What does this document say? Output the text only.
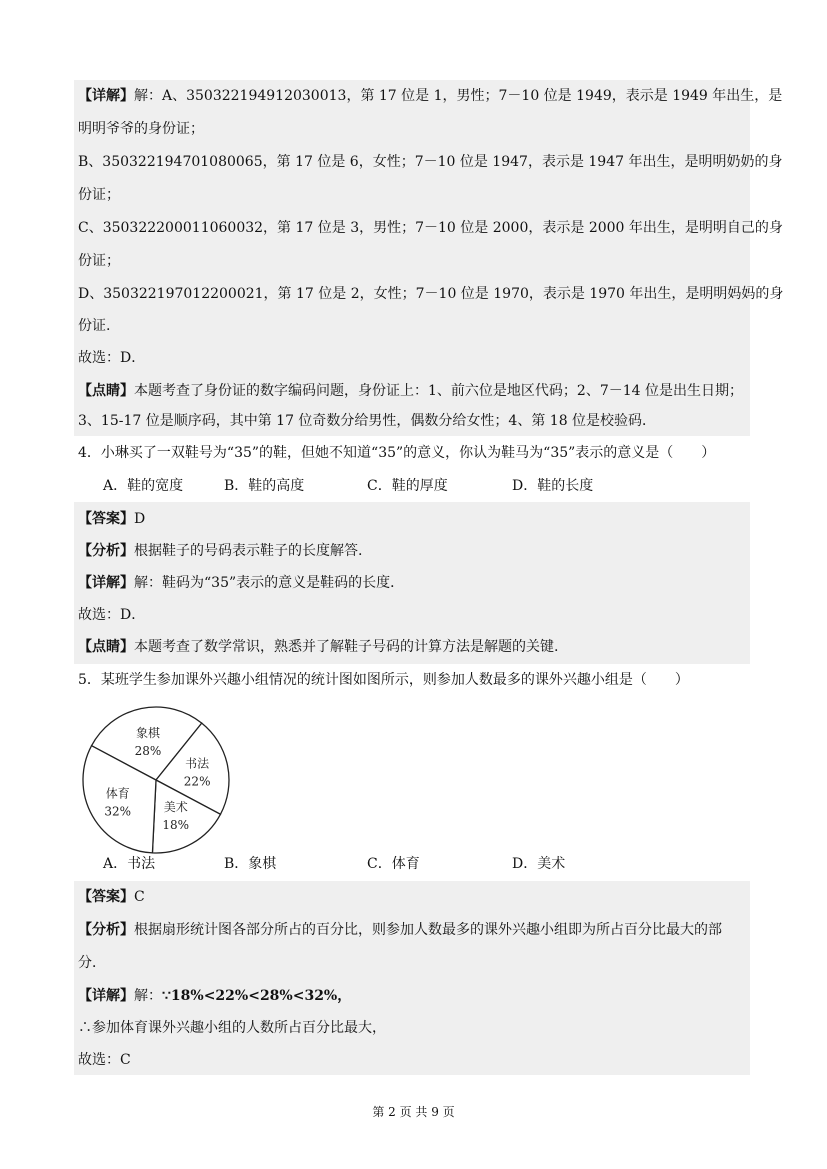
【详解】解：A、350322194912030013，第 17 位是 1，男性；7－10 位是 1949，表示是 1949 年出生，是
明明爷爷的身份证；
B、350322194701080065，第 17 位是 6，女性；7－10 位是 1947，表示是 1947 年出生，是明明奶奶的身
份证；
C、350322200011060032，第 17 位是 3，男性；7－10 位是 2000，表示是 2000 年出生，是明明自己的身
份证；
D、350322197012200021，第 17 位是 2，女性；7－10 位是 1970，表示是 1970 年出生，是明明妈妈的身
份证.
故选：D．
【点睛】本题考查了身份证的数字编码问题，身份证上：1、前六位是地区代码；2、7－14 位是出生日期；
3、15-17 位是顺序码，其中第 17 位奇数分给男性，偶数分给女性；4、第 18 位是校验码．
4．小琳买了一双鞋号为“35”的鞋，但她不知道“35”的意义，你认为鞋马为“35”表示的意义是（　　）
A．鞋的宽度	B．鞋的高度	C．鞋的厚度	D．鞋的长度
【答案】D
【分析】根据鞋子的号码表示鞋子的长度解答.
【详解】解：鞋码为“35”表示的意义是鞋码的长度．
故选：D．
【点睛】本题考查了数学常识，熟悉并了解鞋子号码的计算方法是解题的关键.
5．某班学生参加课外兴趣小组情况的统计图如图所示，则参加人数最多的课外兴趣小组是（　　）
象棋
28%
书法
22%
美术
18%
体育
32%
A．书法	B．象棋	C．体育	D．美术
【答案】C
【分析】根据扇形统计图各部分所占的百分比，则参加人数最多的课外兴趣小组即为所占百分比最大的部
分．
【详解】解：∵18%<22%<28%<32%，
∴参加体育课外兴趣小组的人数所占百分比最大，
故选：C
第 2 页 共 9 页
